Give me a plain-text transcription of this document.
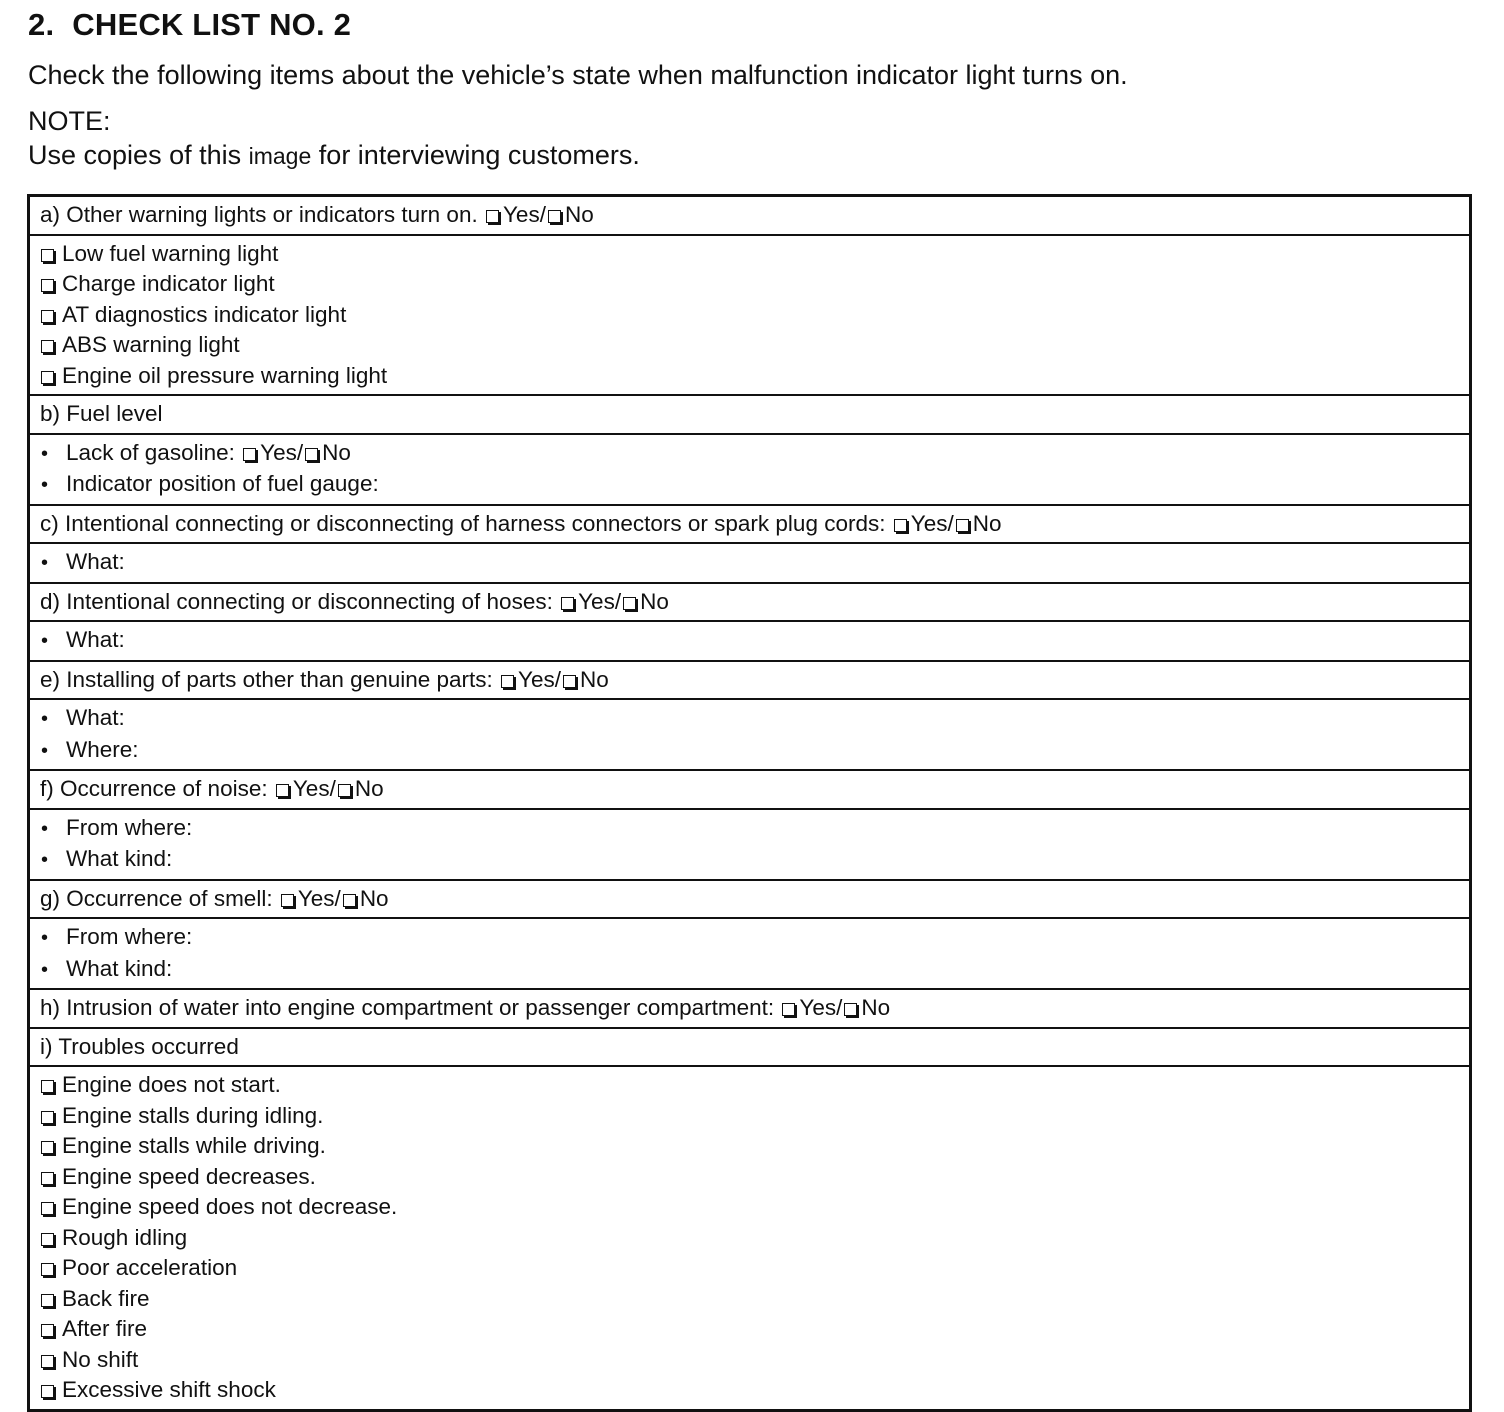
2. CHECK LIST NO. 2

Check the following items about the vehicle’s state when malfunction indicator light turns on.

NOTE:
Use copies of this image for interviewing customers.
a) Other warning lights or indicators turn on. Yes/ No
Low fuel warning light
Charge indicator light
AT diagnostics indicator light
ABS warning light
Engine oil pressure warning light
b) Fuel level
• Lack of gasoline: Yes/ No
• Indicator position of fuel gauge:
c) Intentional connecting or disconnecting of harness connectors or spark plug cords: Yes/ No
• What:
d) Intentional connecting or disconnecting of hoses: Yes/ No
• What:
e) Installing of parts other than genuine parts: Yes/ No
• What:
• Where:
f) Occurrence of noise: Yes/ No
• From where:
• What kind:
g) Occurrence of smell: Yes/ No
• From where:
• What kind:
h) Intrusion of water into engine compartment or passenger compartment: Yes/ No
i) Troubles occurred
Engine does not start.
Engine stalls during idling.
Engine stalls while driving.
Engine speed decreases.
Engine speed does not decrease.
Rough idling
Poor acceleration
Back fire
After fire
No shift
Excessive shift shock
